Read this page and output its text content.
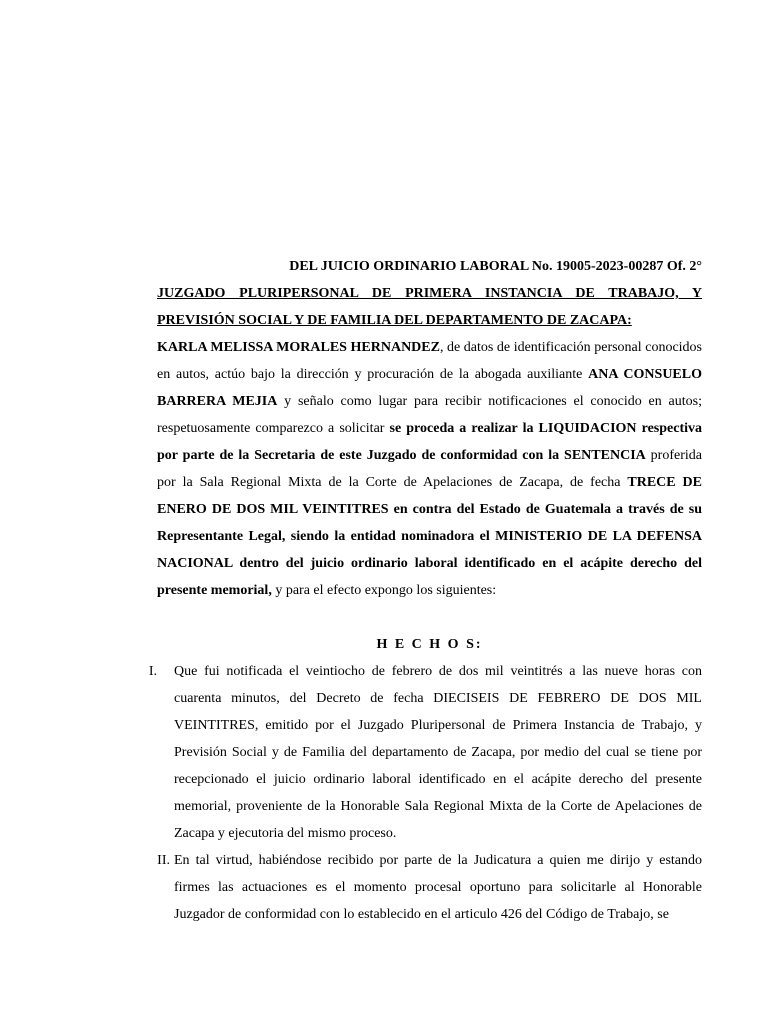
DEL JUICIO ORDINARIO LABORAL No. 19005-2023-00287 Of. 2°
JUZGADO PLURIPERSONAL DE PRIMERA INSTANCIA DE TRABAJO, Y PREVISIÓN SOCIAL Y DE FAMILIA DEL DEPARTAMENTO DE ZACAPA:
KARLA MELISSA MORALES HERNANDEZ, de datos de identificación personal conocidos en autos, actúo bajo la dirección y procuración de la abogada auxiliante ANA CONSUELO BARRERA MEJIA y señalo como lugar para recibir notificaciones el conocido en autos; respetuosamente comparezco a solicitar se proceda a realizar la LIQUIDACION respectiva por parte de la Secretaria de este Juzgado de conformidad con la SENTENCIA proferida por la Sala Regional Mixta de la Corte de Apelaciones de Zacapa, de fecha TRECE DE ENERO DE DOS MIL VEINTITRES en contra del Estado de Guatemala a través de su Representante Legal, siendo la entidad nominadora el MINISTERIO DE LA DEFENSA NACIONAL dentro del juicio ordinario laboral identificado en el acápite derecho del presente memorial, y para el efecto expongo los siguientes:
H E C H O S:
I. Que fui notificada el veintiocho de febrero de dos mil veintitrés a las nueve horas con cuarenta minutos, del Decreto de fecha DIECISEIS DE FEBRERO DE DOS MIL VEINTITRES, emitido por el Juzgado Pluripersonal de Primera Instancia de Trabajo, y Previsión Social y de Familia del departamento de Zacapa, por medio del cual se tiene por recepcionado el juicio ordinario laboral identificado en el acápite derecho del presente memorial, proveniente de la Honorable Sala Regional Mixta de la Corte de Apelaciones de Zacapa y ejecutoria del mismo proceso.
II. En tal virtud, habiéndose recibido por parte de la Judicatura a quien me dirijo y estando firmes las actuaciones es el momento procesal oportuno para solicitarle al Honorable Juzgador de conformidad con lo establecido en el articulo 426 del Código de Trabajo, se
